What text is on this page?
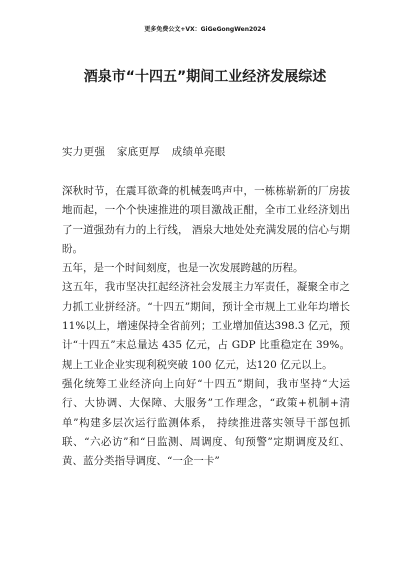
更多免费公文+VX：GiGeGongWen2024
酒泉市“十四五”期间工业经济发展综述
实力更强 家底更厚 成绩单亮眼

深秋时节，在震耳欲聋的机械轰鸣声中，一栋栋崭新的厂房拔地而起，一个个快速推进的项目激战正酣，全市工业经济划出了一道强劲有力的上行线， 酒泉大地处处充满发展的信心与期盼。

五年，是一个时间刻度，也是一次发展跨越的历程。

这五年，我市坚决扛起经济社会发展主力军责任，凝聚全市之力抓工业拼经济。“十四五”期间，预计全市规上工业年均增长 11%以上，增速保持全省前列；工业增加值达398.3 亿元，预计“十四五”末总量达 435 亿元，占 GDP 比重稳定在 39%。规上工业企业实现利税突破 100 亿元，达120 亿元以上。

强化统筹工业经济向上向好“十四五”期间，我市坚持“大运行、大协调、大保障、大服务”工作理念，“政策+机制+清单”构建多层次运行监测体系， 持续推进落实领导干部包抓联、“六必访”和“日监测、周调度、旬预警”定期调度及红、黄、蓝分类指导调度、“一企一卡”
